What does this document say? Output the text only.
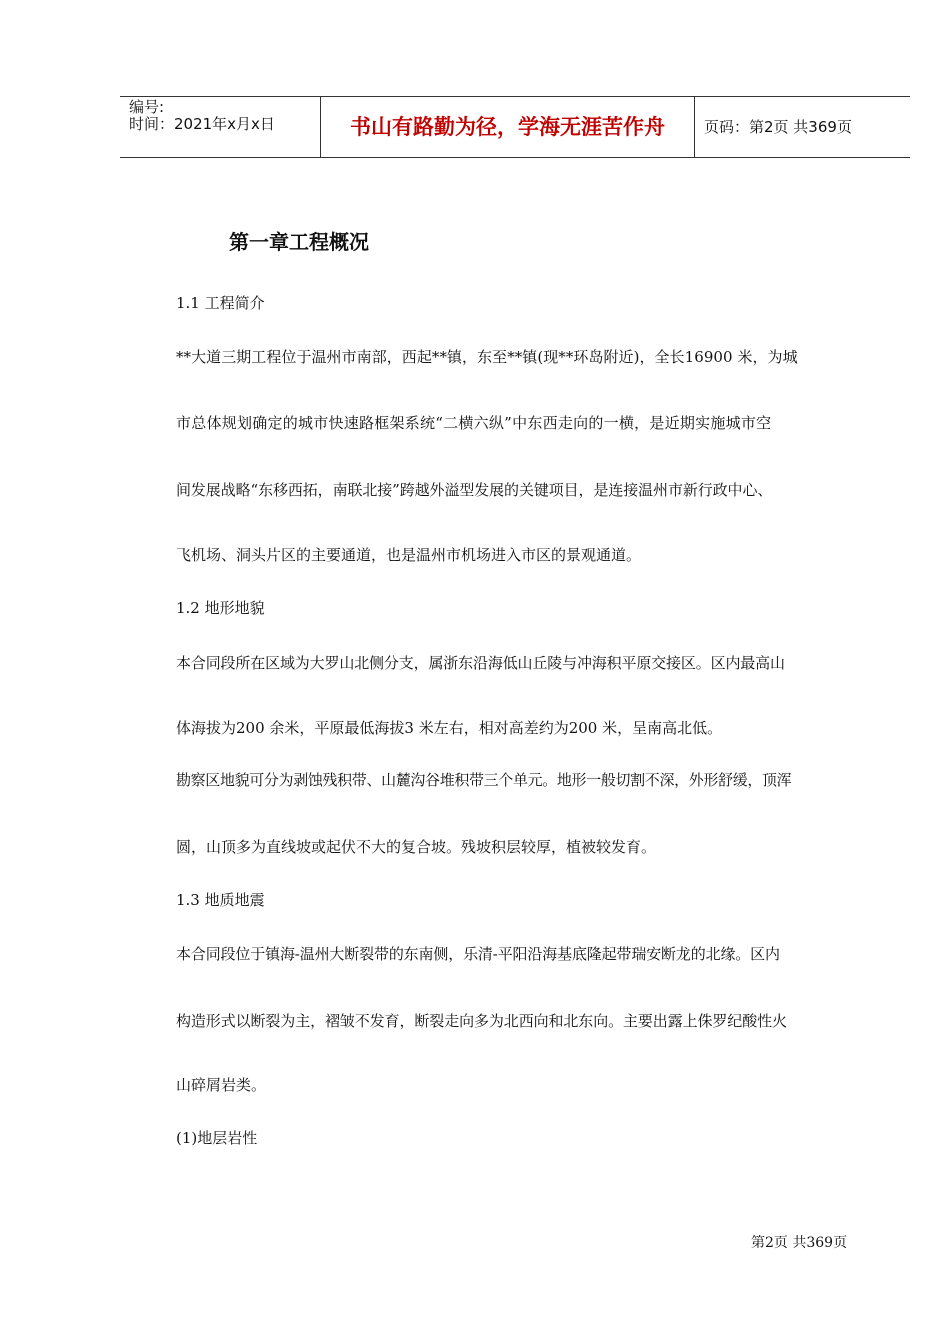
编号:
时间：2021年x月x日	书山有路勤为径，学海无涯苦作舟	页码：第2页 共369页
第一章工程概况
1.1 工程简介
**大道三期工程位于温州市南部，西起**镇，东至**镇(现**环岛附近)，全长16900 米，为城
市总体规划确定的城市快速路框架系统“二横六纵”中东西走向的一横，是近期实施城市空
间发展战略“东移西拓，南联北接”跨越外溢型发展的关键项目，是连接温州市新行政中心、
飞机场、洞头片区的主要通道，也是温州市机场进入市区的景观通道。
1.2 地形地貌
本合同段所在区域为大罗山北侧分支，属浙东沿海低山丘陵与冲海积平原交接区。区内最高山
体海拔为200 余米，平原最低海拔3 米左右，相对高差约为200 米，呈南高北低。
勘察区地貌可分为剥蚀残积带、山麓沟谷堆积带三个单元。地形一般切割不深，外形舒缓，顶浑
圆，山顶多为直线坡或起伏不大的复合坡。残坡积层较厚，植被较发育。
1.3 地质地震
本合同段位于镇海-温州大断裂带的东南侧，乐清-平阳沿海基底隆起带瑞安断龙的北缘。区内
构造形式以断裂为主，褶皱不发育，断裂走向多为北西向和北东向。主要出露上侏罗纪酸性火
山碎屑岩类。
(1)地层岩性
第2页 共369页
